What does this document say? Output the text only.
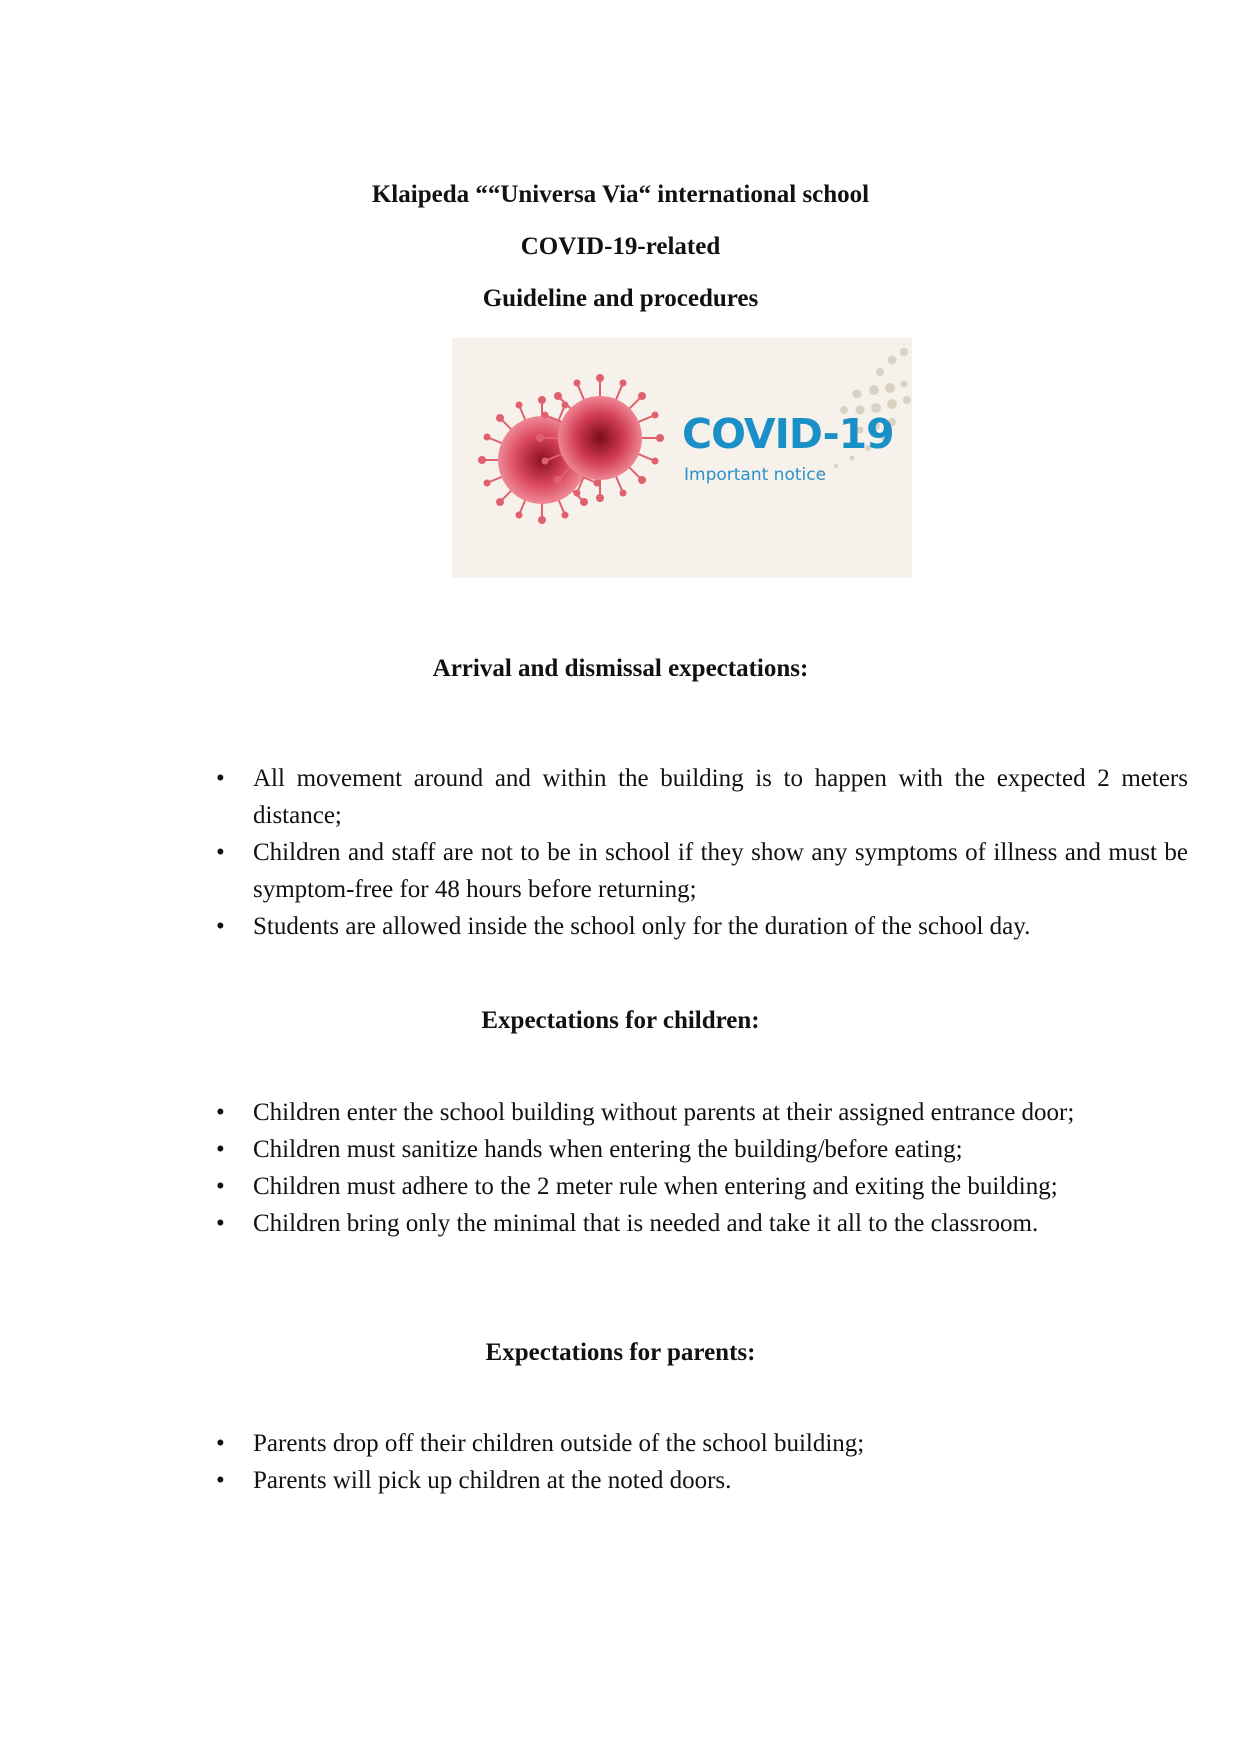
Klaipeda ““Universa Via“ international school
COVID-19-related
Guideline and procedures

COVID-19

Important notice

Arrival and dismissal expectations:
• All movement around and within the building is to happen with the expected 2 meters distance;
• Children and staff are not to be in school if they show any symptoms of illness and must be symptom-free for 48 hours before returning;
• Students are allowed inside the school only for the duration of the school day.
Expectations for children:
• Children enter the school building without parents at their assigned entrance door;
• Children must sanitize hands when entering the building/before eating;
• Children must adhere to the 2 meter rule when entering and exiting the building;
• Children bring only the minimal that is needed and take it all to the classroom.
Expectations for parents:
• Parents drop off their children outside of the school building;
• Parents will pick up children at the noted doors.
